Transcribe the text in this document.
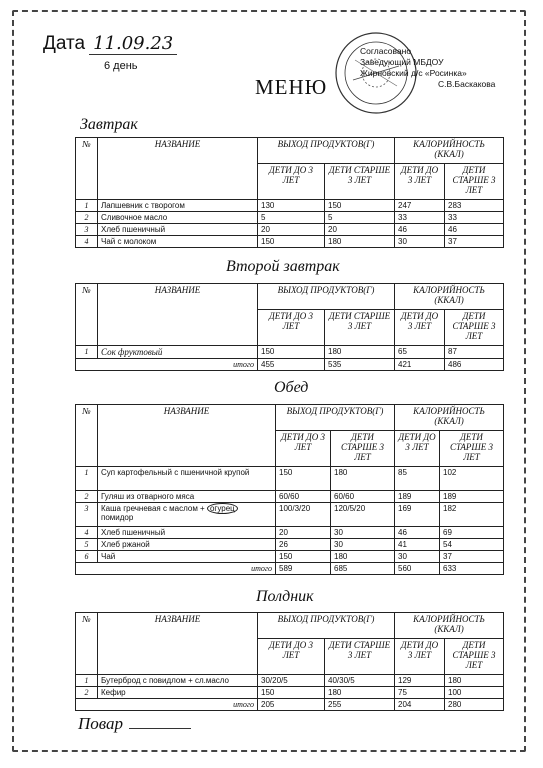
Дата 11.09.23
6 день
МЕНЮ
Согласовано
Заведующий МБДОУ
Жирновский д/с «Росинка»
С.В.Баскакова
Завтрак
№	НАЗВАНИЕ	ВЫХОД ПРОДУКТОВ(Г)		КАЛОРИЙНОСТЬ (ККАЛ)	
		ДЕТИ ДО 3 ЛЕТ	ДЕТИ СТАРШЕ 3 ЛЕТ	ДЕТИ ДО 3 ЛЕТ	ДЕТИ СТАРШЕ 3 ЛЕТ
1	Лапшевник с творогом	130	150	247	283
2	Сливочное масло	5	5	33	33
3	Хлеб пшеничный	20	20	46	46
4	Чай с молоком	150	180	30	37
Второй завтрак
№	НАЗВАНИЕ	ВЫХОД ПРОДУКТОВ(Г)		КАЛОРИЙНОСТЬ (ККАЛ)	
		ДЕТИ ДО 3 ЛЕТ	ДЕТИ СТАРШЕ 3 ЛЕТ	ДЕТИ ДО 3 ЛЕТ	ДЕТИ СТАРШЕ 3 ЛЕТ
1	Сок фруктовый	150	180	65	87
итого		455	535	421	486
Обед
№	НАЗВАНИЕ	ВЫХОД ПРОДУКТОВ(Г)		КАЛОРИЙНОСТЬ (ККАЛ)	
		ДЕТИ ДО 3 ЛЕТ	ДЕТИ СТАРШЕ 3 ЛЕТ	ДЕТИ ДО 3 ЛЕТ	ДЕТИ СТАРШЕ 3 ЛЕТ
1	Суп картофельный с пшеничной крупой	150	180	85	102
2	Гуляш из отварного мяса	60/60	60/60	189	189
3	Каша гречневая с маслом + огурец
помидор	100/3/20	120/5/20	169	182
4	Хлеб пшеничный	20	30	46	69
5	Хлеб ржаной	26	30	41	54
6	Чай	150	180	30	37
итого		589	685	560	633
Полдник
№	НАЗВАНИЕ	ВЫХОД ПРОДУКТОВ(Г)		КАЛОРИЙНОСТЬ (ККАЛ)	
		ДЕТИ ДО 3 ЛЕТ	ДЕТИ СТАРШЕ 3 ЛЕТ	ДЕТИ ДО 3 ЛЕТ	ДЕТИ СТАРШЕ 3 ЛЕТ
1	Бутерброд с повидлом + сл.масло	30/20/5	40/30/5	129	180
2	Кефир	150	180	75	100
итого		205	255	204	280
Повар
